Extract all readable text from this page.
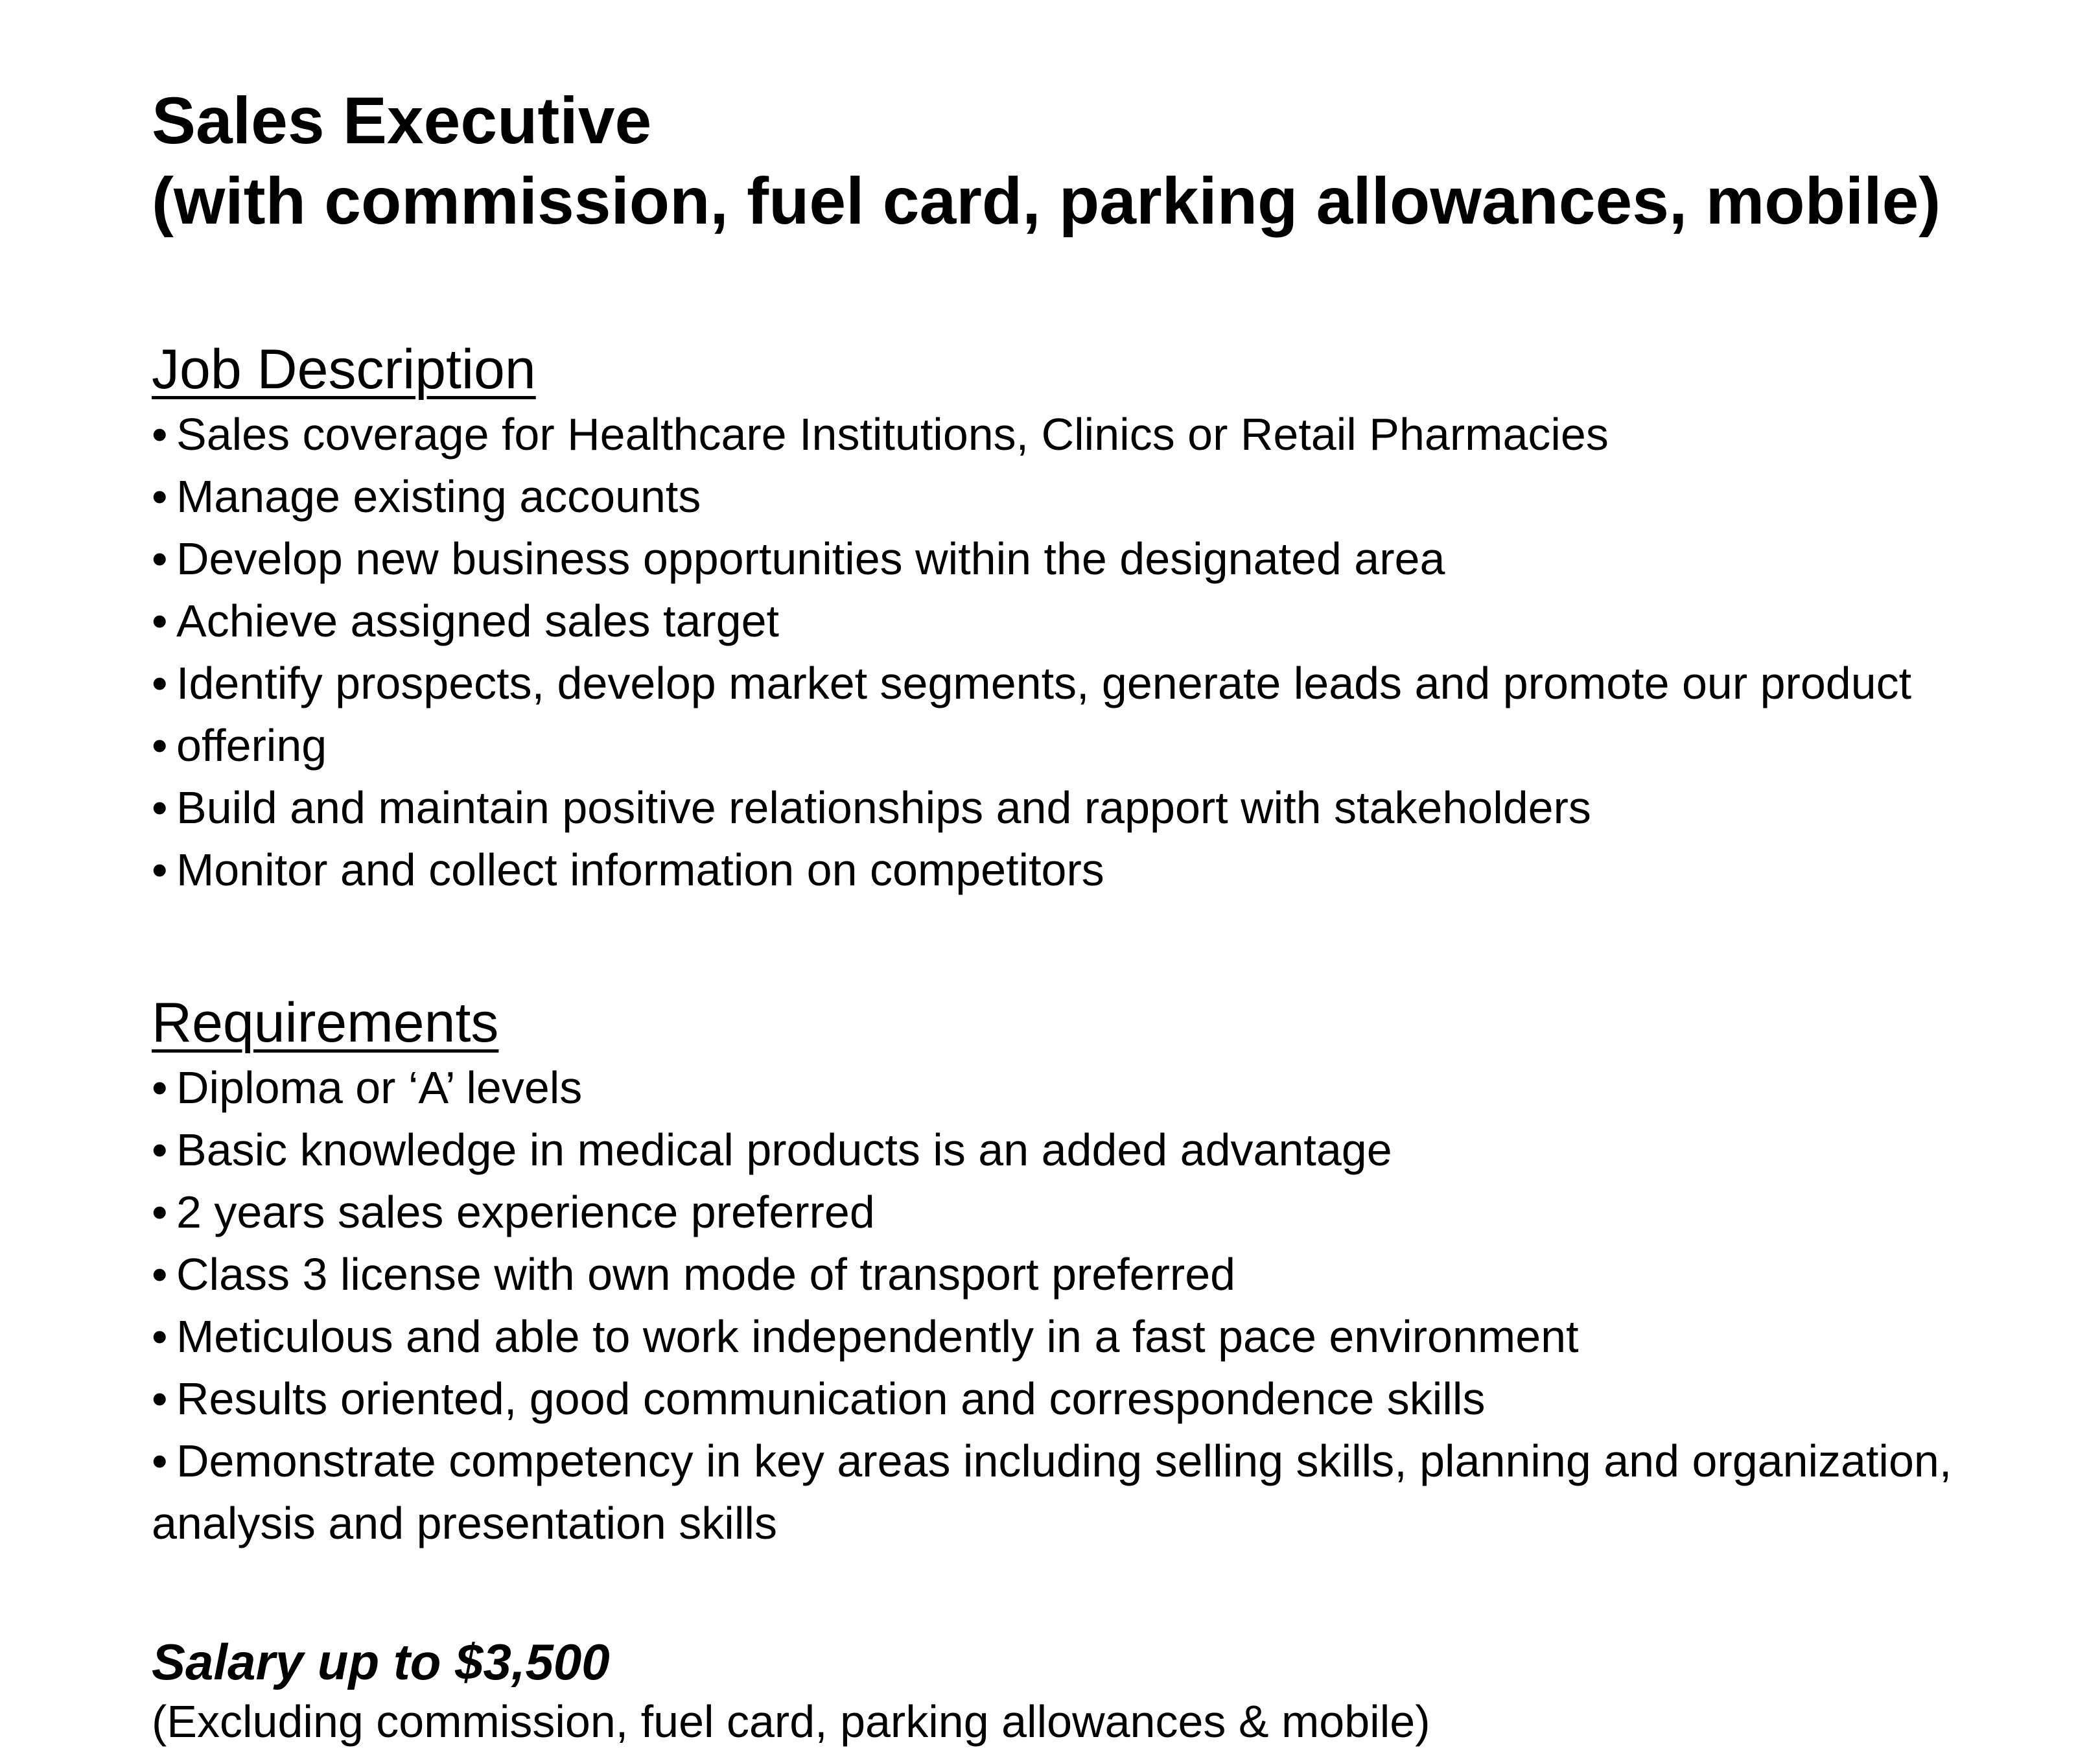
Sales Executive
(with commission, fuel card, parking allowances, mobile)
Job Description
• Sales coverage for Healthcare Institutions, Clinics or Retail Pharmacies
• Manage existing accounts
• Develop new business opportunities within the designated area
• Achieve assigned sales target
• Identify prospects, develop market segments, generate leads and promote our product
• offering
• Build and maintain positive relationships and rapport with stakeholders
• Monitor and collect information on competitors
Requirements
• Diploma or ‘A’ levels
• Basic knowledge in medical products is an added advantage
• 2 years sales experience preferred
• Class 3 license with own mode of transport preferred
• Meticulous and able to work independently in a fast pace environment
• Results oriented, good communication and correspondence skills
• Demonstrate competency in key areas including selling skills, planning and organization, analysis and presentation skills
Salary up to $3,500
(Excluding commission, fuel card, parking allowances & mobile)
